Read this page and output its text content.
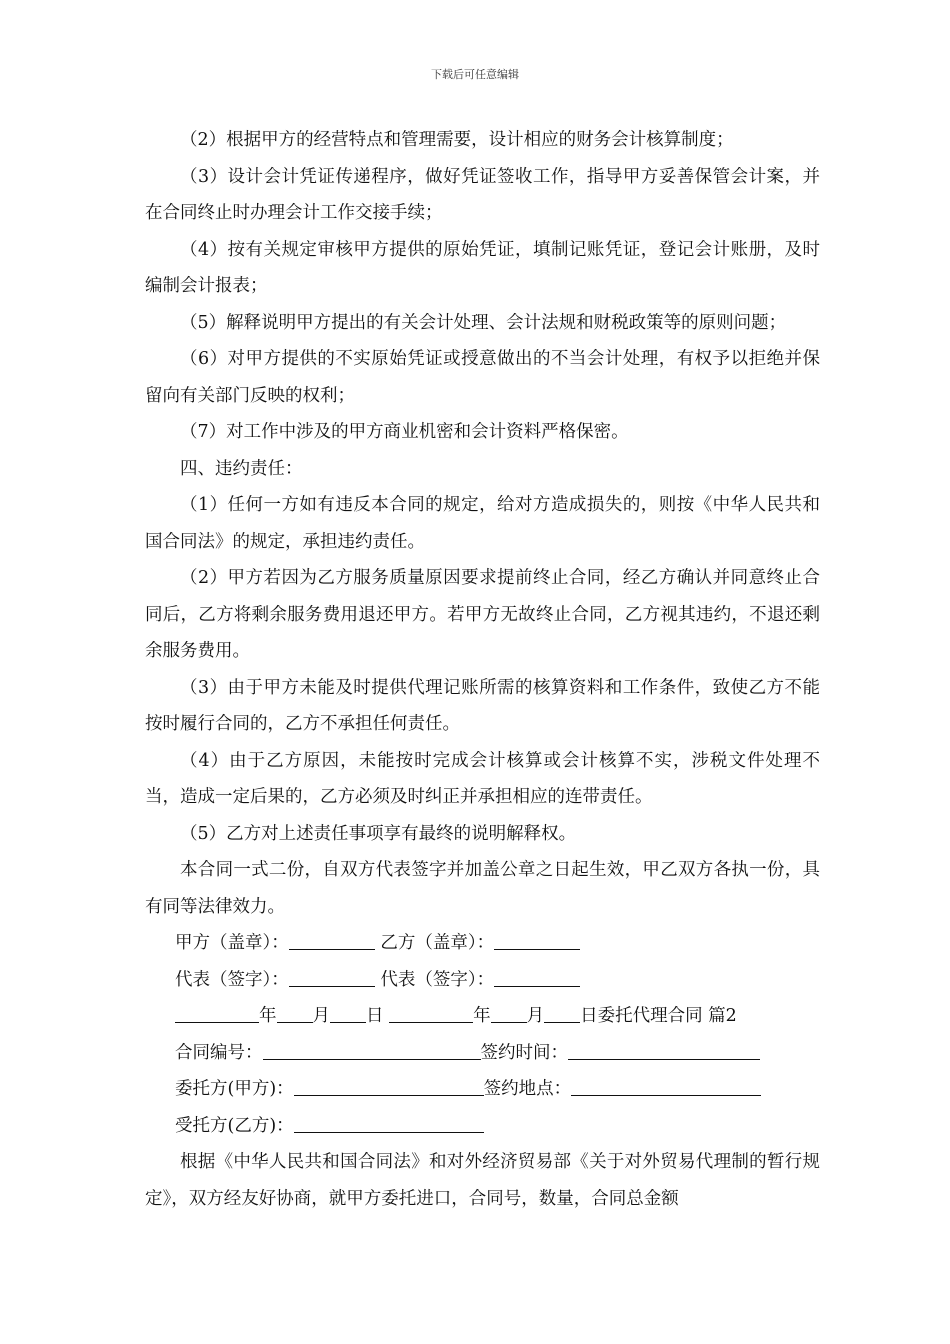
下载后可任意编辑

（2）根据甲方的经营特点和管理需要，设计相应的财务会计核算制度；

（3）设计会计凭证传递程序，做好凭证签收工作，指导甲方妥善保管会计案，并在合同终止时办理会计工作交接手续；

（4）按有关规定审核甲方提供的原始凭证，填制记账凭证，登记会计账册，及时编制会计报表；

（5）解释说明甲方提出的有关会计处理、会计法规和财税政策等的原则问题；

（6）对甲方提供的不实原始凭证或授意做出的不当会计处理，有权予以拒绝并保留向有关部门反映的权利；

（7）对工作中涉及的甲方商业机密和会计资料严格保密。

四、违约责任：

（1）任何一方如有违反本合同的规定，给对方造成损失的，则按《中华人民共和国合同法》的规定，承担违约责任。

（2）甲方若因为乙方服务质量原因要求提前终止合同，经乙方确认并同意终止合同后，乙方将剩余服务费用退还甲方。若甲方无故终止合同，乙方视其违约，不退还剩余服务费用。

（3）由于甲方未能及时提供代理记账所需的核算资料和工作条件，致使乙方不能按时履行合同的，乙方不承担任何责任。

（4）由于乙方原因，未能按时完成会计核算或会计核算不实，涉税文件处理不当，造成一定后果的，乙方必须及时纠正并承担相应的连带责任。

（5）乙方对上述责任事项享有最终的说明解释权。

本合同一式二份，自双方代表签字并加盖公章之日起生效，甲乙双方各执一份，具有同等法律效力。

甲方（盖章）：	乙方（盖章）：
代表（签字）：	代表（签字）：
年 月 日	年 月 日委托代理合同 篇2
合同编号：	签约时间：
委托方(甲方)：	签约地点：
受托方(乙方)：

根据《中华人民共和国合同法》和对外经济贸易部《关于对外贸易代理制的暂行规定》，双方经友好协商，就甲方委托进口，合同号，数量，合同总金额
